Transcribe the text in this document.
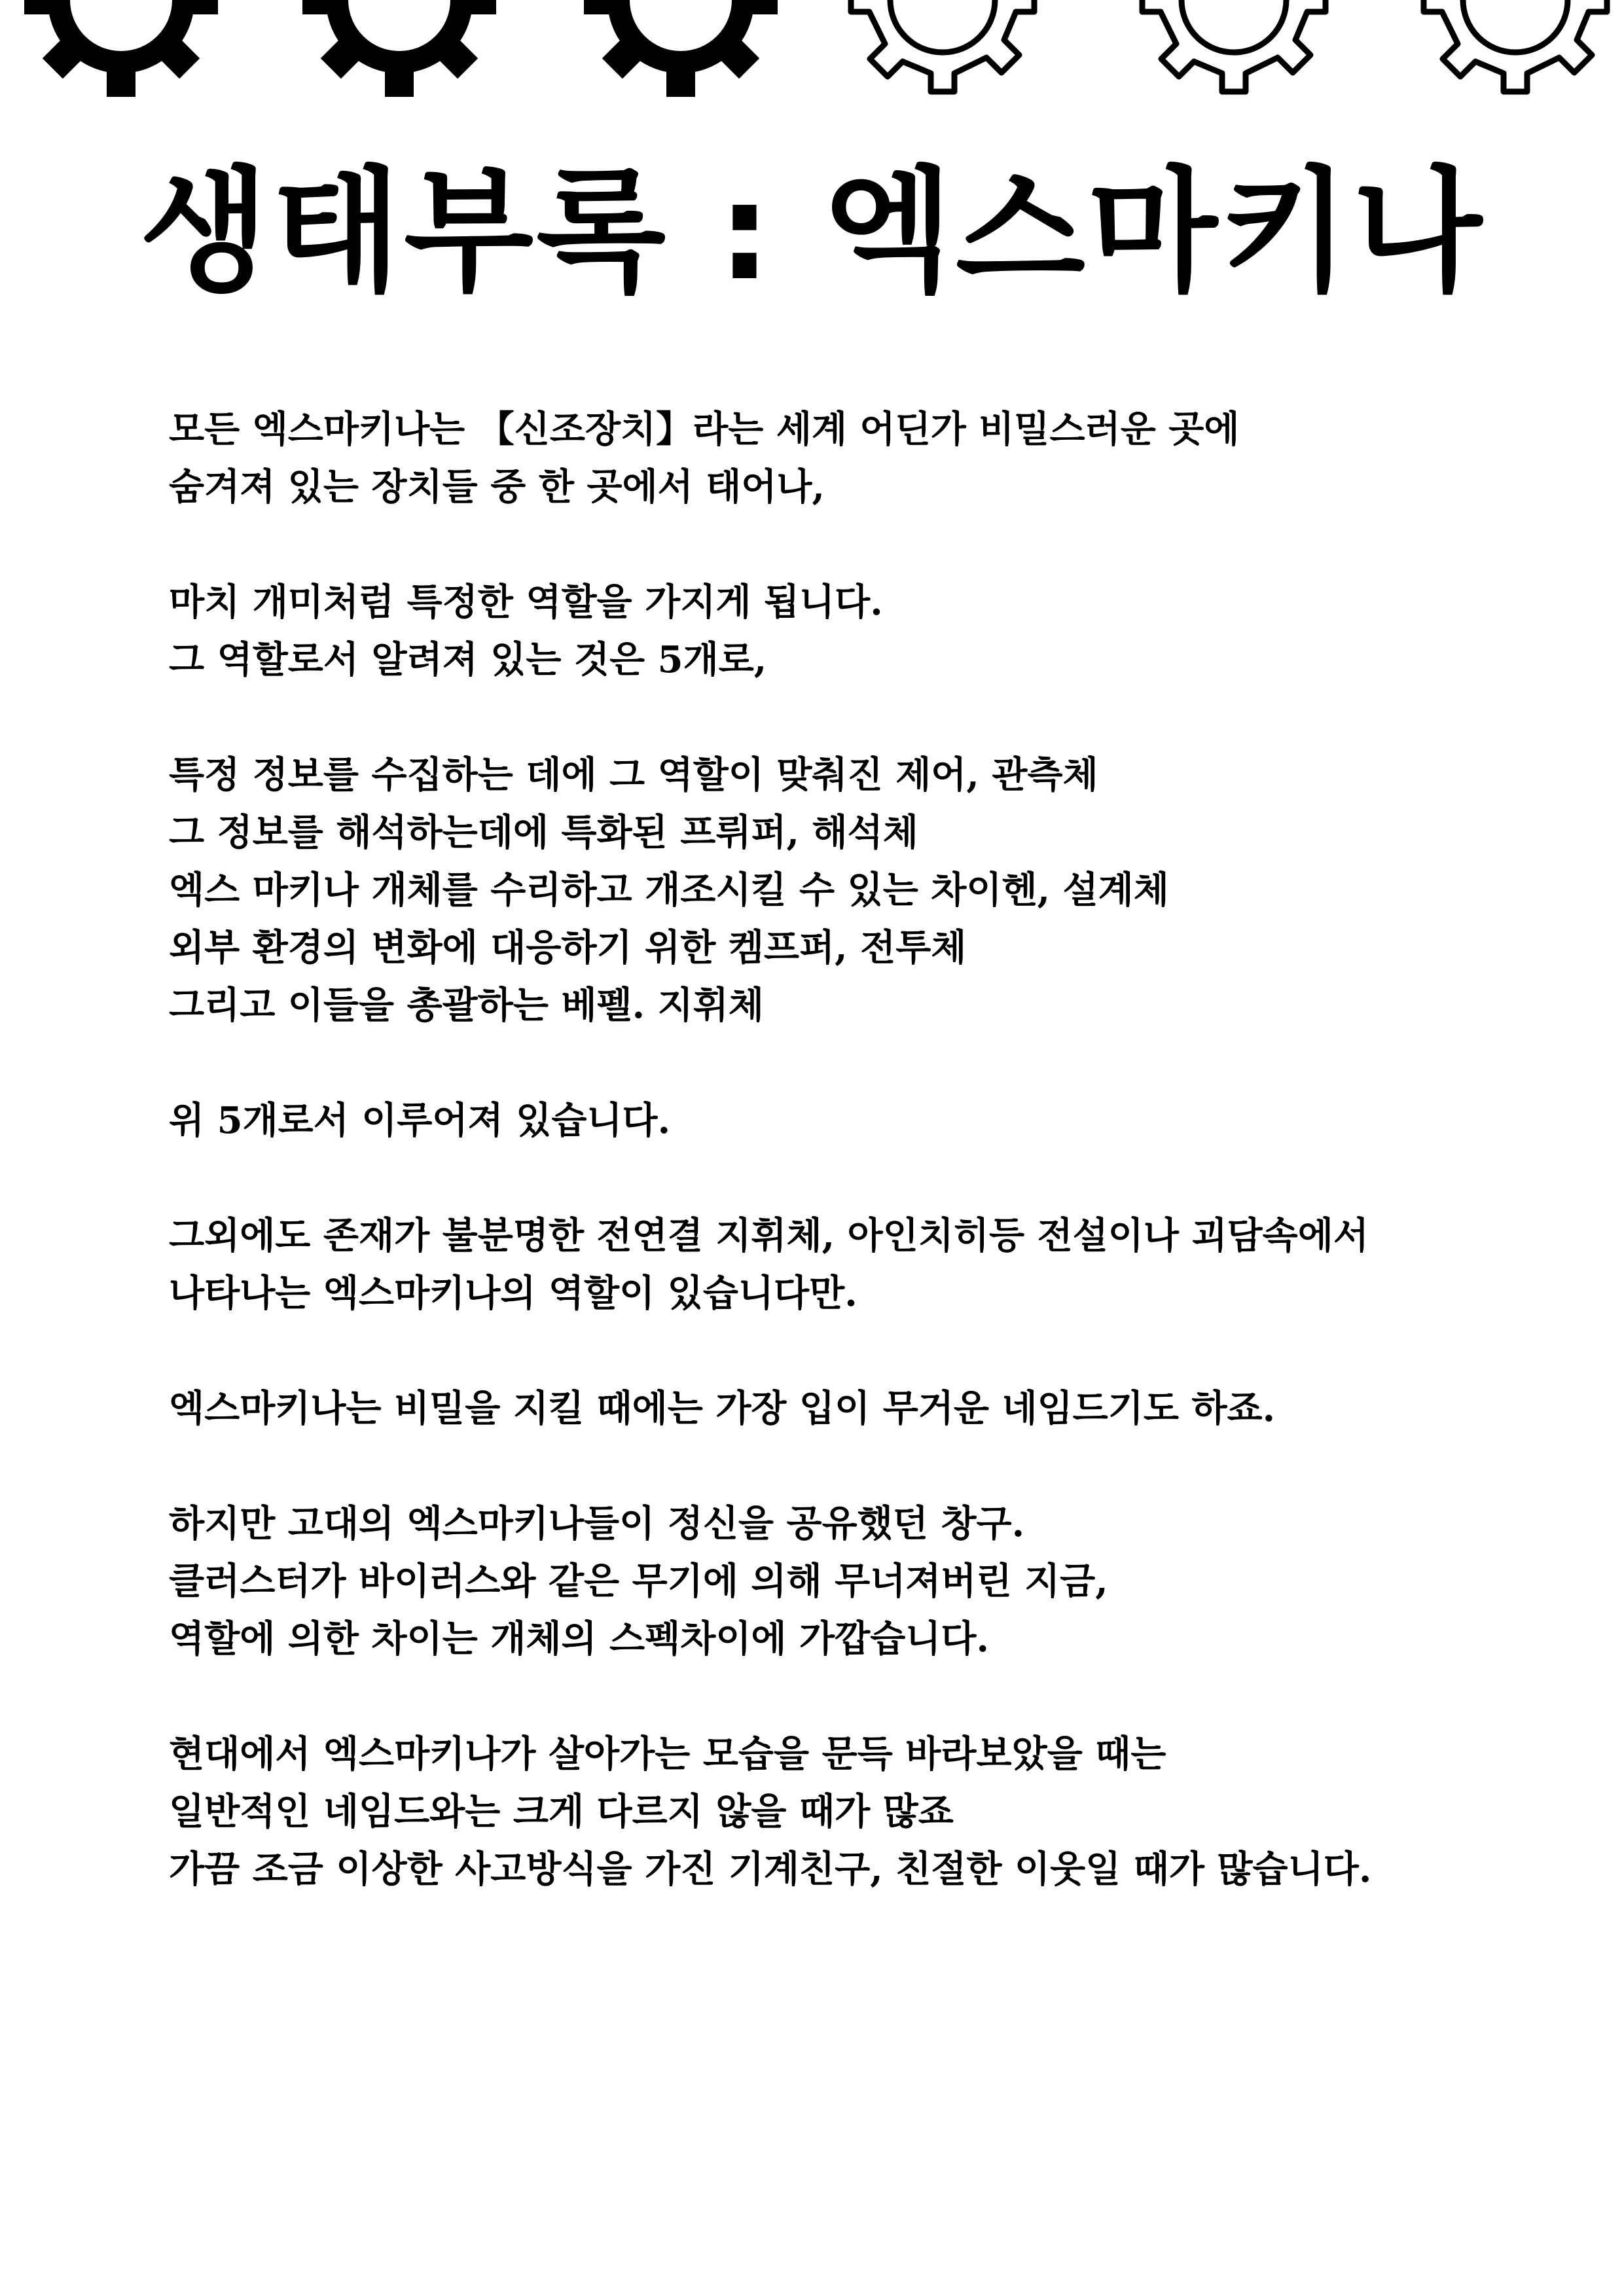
생태부록 : 엑스마키나
모든 엑스마키나는 【신조장치】라는 세계 어딘가 비밀스러운 곳에
숨겨져 있는 장치들 중 한 곳에서 태어나,
마치 개미처럼 특정한 역할을 가지게 됩니다.
그 역할로서 알려져 있는 것은 5개로,
특정 정보를 수집하는 데에 그 역할이 맞춰진 제어, 관측체
그 정보를 해석하는데에 특화된 프뤼퍼, 해석체
엑스 마키나 개체를 수리하고 개조시킬 수 있는 차이헨, 설계체
외부 환경의 변화에 대응하기 위한 켐프퍼, 전투체
그리고 이들을 총괄하는 베펠. 지휘체
위 5개로서 이루어져 있습니다.
그외에도 존재가 불분명한 전연결 지휘체, 아인치히등 전설이나 괴담속에서
나타나는 엑스마키나의 역할이 있습니다만.
엑스마키나는 비밀을 지킬 때에는 가장 입이 무거운 네임드기도 하죠.
하지만 고대의 엑스마키나들이 정신을 공유했던 창구.
클러스터가 바이러스와 같은 무기에 의해 무너져버린 지금,
역할에 의한 차이는 개체의 스펙차이에 가깝습니다.
현대에서 엑스마키나가 살아가는 모습을 문득 바라보았을 때는
일반적인 네임드와는 크게 다르지 않을 때가 많죠
가끔 조금 이상한 사고방식을 가진 기계친구, 친절한 이웃일 때가 많습니다.
